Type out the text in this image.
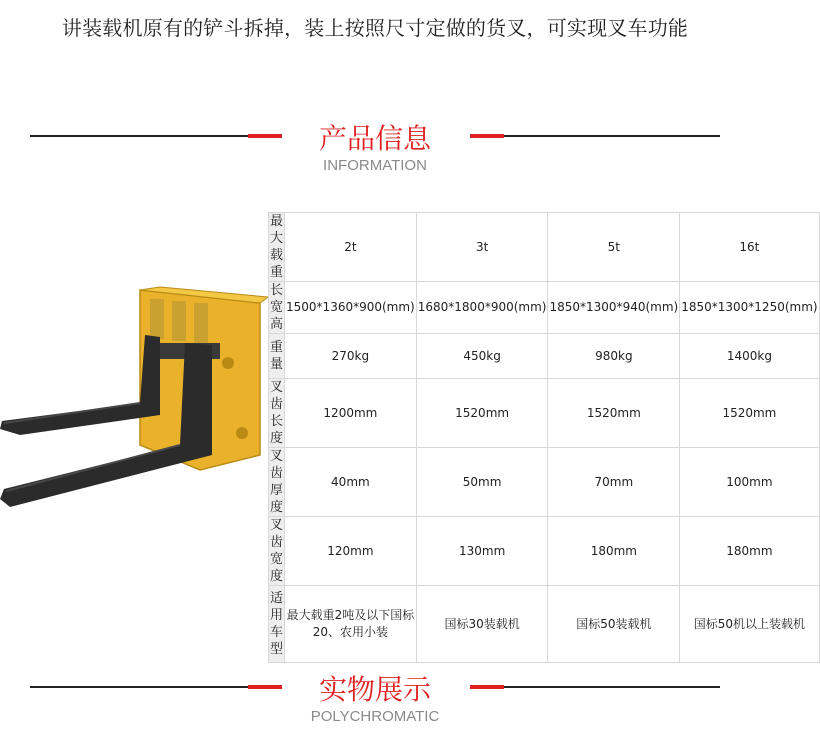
讲装载机原有的铲斗拆掉，装上按照尺寸定做的货叉，可实现叉车功能
产品信息
INFORMATION
最大载重	2t	3t	5t	16t
长宽高	1500*1360*900(mm)	1680*1800*900(mm)	1850*1300*940(mm)	1850*1300*1250(mm)
重量	270kg	450kg	980kg	1400kg
叉齿长度	1200mm	1520mm	1520mm	1520mm
叉齿厚度	40mm	50mm	70mm	100mm
叉齿宽度	120mm	130mm	180mm	180mm
适用车型	最大载重2吨及以下国标20、农用小装	国标30装载机	国标50装载机	国标50机以上装载机
实物展示
POLYCHROMATIC
